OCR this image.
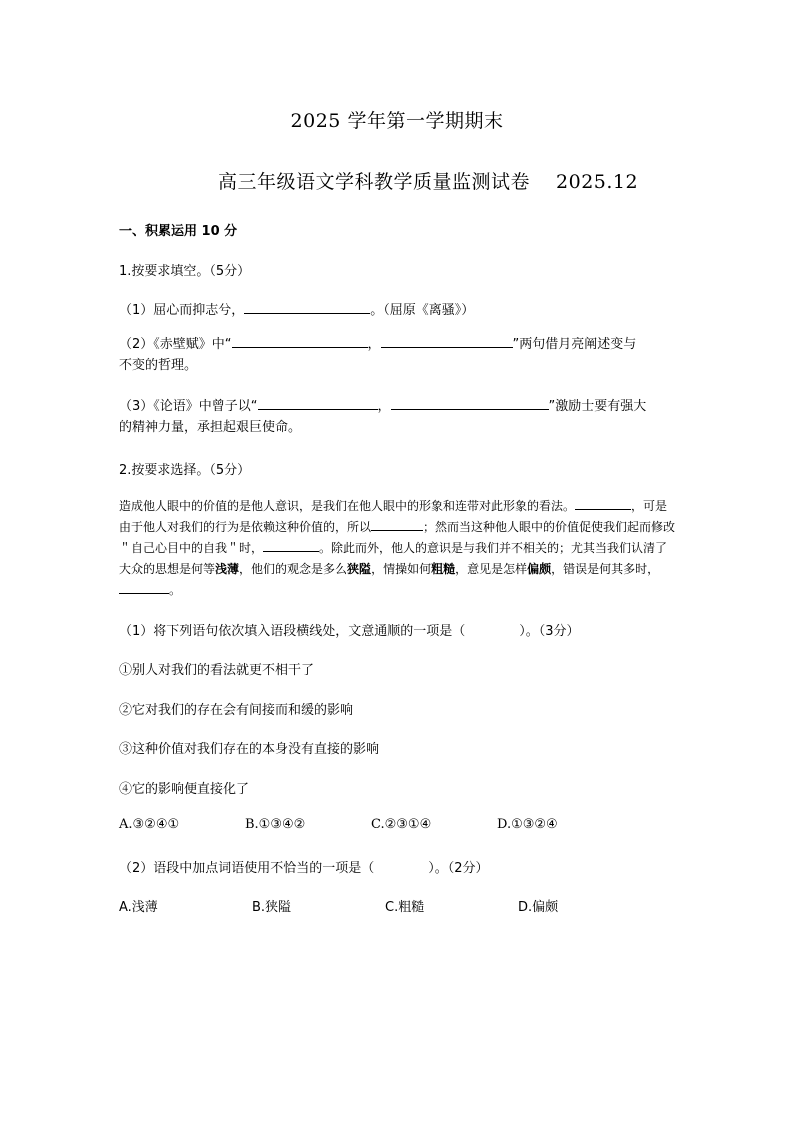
2025 学年第一学期期末
高三年级语文学科教学质量监测试卷 2025.12
一、积累运用 10 分
1.按要求填空。（5分）
（1）屈心而抑志兮，	。（屈原《离骚》）
（2）《赤壁赋》中“	，	”两句借月亮阐述变与
不变的哲理。
（3）《论语》中曾子以“	，	”激励士要有强大
的精神力量，承担起艰巨使命。
2.按要求选择。（5分）
造成他人眼中的价值的是他人意识，是我们在他人眼中的形象和连带对此形象的看法。	，可是由于他人对我们的行为是依赖这种价值的，所以	；然而当这种他人眼中的价值促使我们起而修改＂自己心目中的自我＂时，	。除此而外，他人的意识是与我们并不相关的；尤其当我们认清了大众的思想是何等浅薄，他们的观念是多么狭隘，情操如何粗糙，意见是怎样偏颇，错误是何其多时，。
（1）将下列语句依次填入语段横线处，文意通顺的一项是（	）。（3分）
①别人对我们的看法就更不相干了
②它对我们的存在会有间接而和缓的影响
③这种价值对我们存在的本身没有直接的影响
④它的影响便直接化了
A.③②④①	B.①③④②	C.②③①④	D.①③②④
（2）语段中加点词语使用不恰当的一项是（	）。（2分）
A.浅薄	B.狭隘	C.粗糙	D.偏颇
